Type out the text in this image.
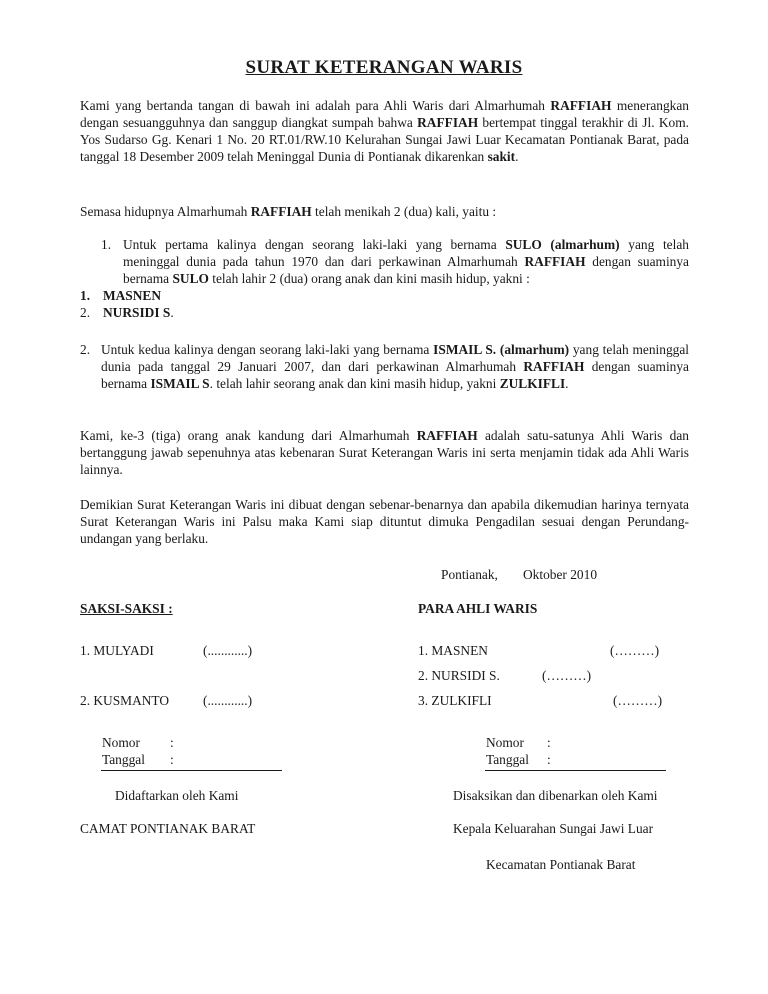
SURAT KETERANGAN WARIS
Kami yang bertanda tangan di bawah ini adalah para Ahli Waris dari Almarhumah RAFFIAH menerangkan dengan sesuangguhnya dan sanggup diangkat sumpah bahwa RAFFIAH bertempat tinggal terakhir di Jl. Kom. Yos Sudarso Gg. Kenari 1 No. 20 RT.01/RW.10 Kelurahan Sungai Jawi Luar Kecamatan Pontianak Barat, pada tanggal 18 Desember 2009 telah Meninggal Dunia di Pontianak dikarenkan sakit.
Semasa hidupnya Almarhumah RAFFIAH telah menikah 2 (dua) kali, yaitu :
1. Untuk pertama kalinya dengan seorang laki-laki yang bernama SULO (almarhum) yang telah meninggal dunia pada tahun 1970 dan dari perkawinan Almarhumah RAFFIAH dengan suaminya bernama SULO telah lahir 2 (dua) orang anak dan kini masih hidup, yakni :
1. MASNEN
2. NURSIDI S.
2. Untuk kedua kalinya dengan seorang laki-laki yang bernama ISMAIL S. (almarhum) yang telah meninggal dunia pada tanggal 29 Januari 2007, dan dari perkawinan Almarhumah RAFFIAH dengan suaminya bernama ISMAIL S. telah lahir seorang anak dan kini masih hidup, yakni ZULKIFLI.
Kami, ke-3 (tiga) orang anak kandung dari Almarhumah RAFFIAH adalah satu-satunya Ahli Waris dan bertanggung jawab sepenuhnya atas kebenaran Surat Keterangan Waris ini serta menjamin tidak ada Ahli Waris lainnya.
Demikian Surat Keterangan Waris ini dibuat dengan sebenar-benarnya dan apabila dikemudian harinya ternyata Surat Keterangan Waris ini Palsu maka Kami siap dituntut dimuka Pengadilan sesuai dengan Perundang-undangan yang berlaku.
Pontianak, Oktober 2010
SAKSI-SAKSI :	PARA AHLI WARIS
1. MULYADI	(............)
2. KUSMANTO	(............)
1. MASNEN	(………)
2. NURSIDI S.	(………)
3. ZULKIFLI	(………)
Nomor :
Tanggal :
Nomor :
Tanggal :
Didaftarkan oleh Kami
CAMAT PONTIANAK BARAT
Disaksikan dan dibenarkan oleh Kami
Kepala Keluarahan Sungai Jawi Luar
Kecamatan Pontianak Barat
